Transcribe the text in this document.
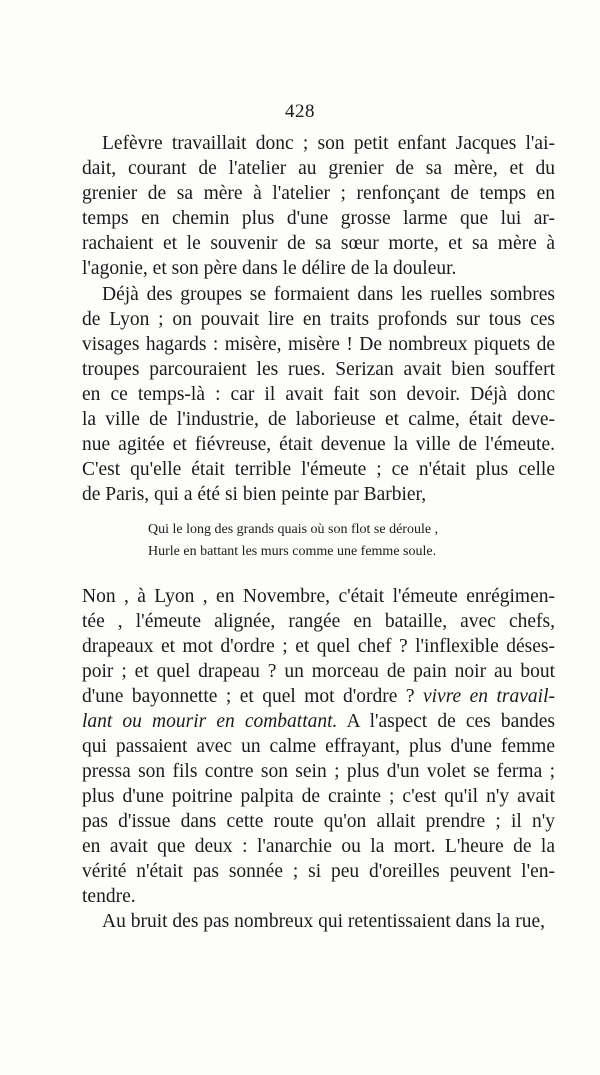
428
Lefèvre travaillait donc ; son petit enfant Jacques l'ai-
dait, courant de l'atelier au grenier de sa mère, et du
grenier de sa mère à l'atelier ; renfonçant de temps en
temps en chemin plus d'une grosse larme que lui ar-
rachaient et le souvenir de sa sœur morte, et sa mère à
l'agonie, et son père dans le délire de la douleur.
Déjà des groupes se formaient dans les ruelles sombres
de Lyon ; on pouvait lire en traits profonds sur tous ces
visages hagards : misère, misère ! De nombreux piquets de
troupes parcouraient les rues. Serizan avait bien souffert
en ce temps-là : car il avait fait son devoir. Déjà donc
la ville de l'industrie, de laborieuse et calme, était deve-
nue agitée et fiévreuse, était devenue la ville de l'émeute.
C'est qu'elle était terrible l'émeute ; ce n'était plus celle
de Paris, qui a été si bien peinte par Barbier,
Qui le long des grands quais où son flot se déroule ,
Hurle en battant les murs comme une femme soule.
Non , à Lyon , en Novembre, c'était l'émeute enrégimen-
tée , l'émeute alignée, rangée en bataille, avec chefs,
drapeaux et mot d'ordre ; et quel chef ? l'inflexible déses-
poir ; et quel drapeau ? un morceau de pain noir au bout
d'une bayonnette ; et quel mot d'ordre ? vivre en travail-
lant ou mourir en combattant. A l'aspect de ces bandes
qui passaient avec un calme effrayant, plus d'une femme
pressa son fils contre son sein ; plus d'un volet se ferma ;
plus d'une poitrine palpita de crainte ; c'est qu'il n'y avait
pas d'issue dans cette route qu'on allait prendre ; il n'y
en avait que deux : l'anarchie ou la mort. L'heure de la
vérité n'était pas sonnée ; si peu d'oreilles peuvent l'en-
tendre.
Au bruit des pas nombreux qui retentissaient dans la rue,
